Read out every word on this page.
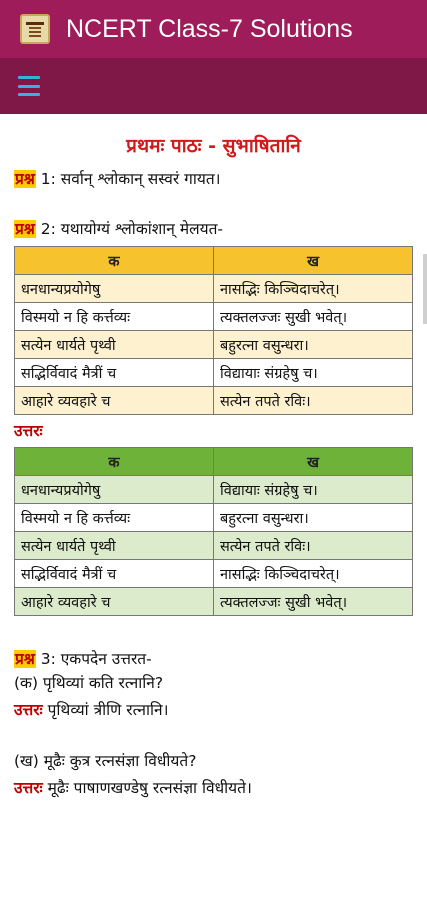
NCERT Class-7 Solutions
प्रथमः पाठः - सुभाषितानि

प्रश्न 1: सर्वान् श्लोकान् सस्वरं गायत।

प्रश्न 2: यथायोग्यं श्लोकांशान् मेलयत-

क	ख
धनधान्यप्रयोगेषु	नासद्भिः किञ्चिदाचरेत्।
विस्मयो न हि कर्त्तव्यः	त्यक्तलज्जः सुखी भवेत्।
सत्येन धार्यते पृथ्वी	बहुरत्ना वसुन्धरा।
सद्भिर्विवादं मैत्रीं च	विद्यायाः संग्रहेषु च।
आहारे व्यवहारे च	सत्येन तपते रविः।
उत्तरः
क	ख
धनधान्यप्रयोगेषु	विद्यायाः संग्रहेषु च।
विस्मयो न हि कर्त्तव्यः	बहुरत्ना वसुन्धरा।
सत्येन धार्यते पृथ्वी	सत्येन तपते रविः।
सद्भिर्विवादं मैत्रीं च	नासद्भिः किञ्चिदाचरेत्।
आहारे व्यवहारे च	त्यक्तलज्जः सुखी भवेत्।

प्रश्न 3: एकपदेन उत्तरत-

(क) पृथिव्यां कति रत्नानि?

उत्तरः पृथिव्यां त्रीणि रत्नानि।

(ख) मूढैः कुत्र रत्नसंज्ञा विधीयते?

उत्तरः मूढैः पाषाणखण्डेषु रत्नसंज्ञा विधीयते।
